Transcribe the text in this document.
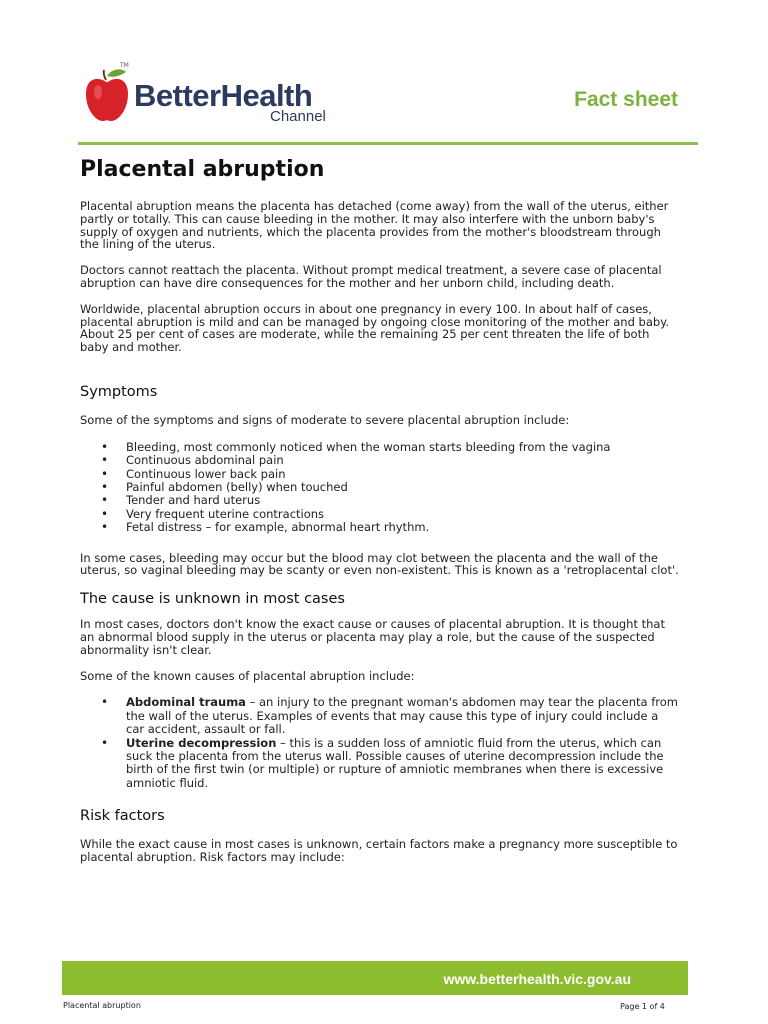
TM
BetterHealth
Channel
Fact sheet
Placental abruption

Placental abruption means the placenta has detached (come away) from the wall of the uterus, either partly or totally. This can cause bleeding in the mother. It may also interfere with the unborn baby's supply of oxygen and nutrients, which the placenta provides from the mother's bloodstream through the lining of the uterus.

Doctors cannot reattach the placenta. Without prompt medical treatment, a severe case of placental abruption can have dire consequences for the mother and her unborn child, including death.

Worldwide, placental abruption occurs in about one pregnancy in every 100. In about half of cases, placental abruption is mild and can be managed by ongoing close monitoring of the mother and baby. About 25 per cent of cases are moderate, while the remaining 25 per cent threaten the life of both baby and mother.

Symptoms

Some of the symptoms and signs of moderate to severe placental abruption include:

• Bleeding, most commonly noticed when the woman starts bleeding from the vagina
• Continuous abdominal pain
• Continuous lower back pain
• Painful abdomen (belly) when touched
• Tender and hard uterus
• Very frequent uterine contractions
• Fetal distress – for example, abnormal heart rhythm.

In some cases, bleeding may occur but the blood may clot between the placenta and the wall of the uterus, so vaginal bleeding may be scanty or even non-existent. This is known as a 'retroplacental clot'.

The cause is unknown in most cases

In most cases, doctors don't know the exact cause or causes of placental abruption. It is thought that an abnormal blood supply in the uterus or placenta may play a role, but the cause of the suspected abnormality isn't clear.

Some of the known causes of placental abruption include:

• Abdominal trauma – an injury to the pregnant woman's abdomen may tear the placenta from the wall of the uterus. Examples of events that may cause this type of injury could include a car accident, assault or fall.
• Uterine decompression – this is a sudden loss of amniotic fluid from the uterus, which can suck the placenta from the uterus wall. Possible causes of uterine decompression include the birth of the first twin (or multiple) or rupture of amniotic membranes when there is excessive amniotic fluid.
Risk factors

While the exact cause in most cases is unknown, certain factors make a pregnancy more susceptible to placental abruption. Risk factors may include:

www.betterhealth.vic.gov.au
Placental abruption	Page 1 of 4
